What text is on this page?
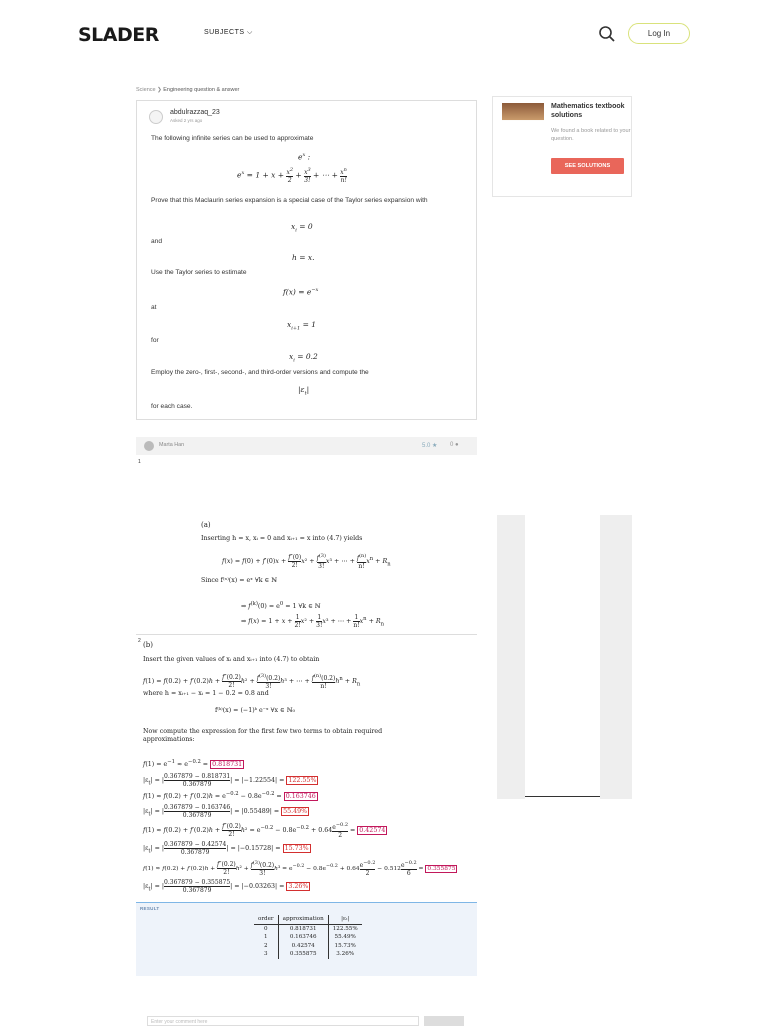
SLADER	SUBJECTS ⌵	Log In
Science ❯ Engineering question & answer
abdulrazzaq_23
Asked 2 yrs ago
The following infinite series can be used to approximate
$e^x$ :
$e^x = 1 + x + \frac{x^2}{2} + \frac{x^3}{3!}$ + ⋯ + $\frac{x^n}{n!}$
Prove that this Maclaurin series expansion is a special case of the Taylor series expansion with
$x_i = 0$
and
h = x.
Use the Taylor series to estimate
$f(x) = e^{-x}$
at
$x_{i+1} = 1$
for
$x_i = 0.2$
Employ the zero-, first-, second-, and third-order versions and compute the
$|\varepsilon_t|$
for each case.
Mathematics textbook solutions
We found a book related to your question.
SEE SOLUTIONS
Marta Han	5.0 ★ 0 ●
1
(a)
Inserting h = x, xᵢ = 0 and xᵢ₊₁ = x into (4.7) yields
$f(x) = f(0) + f'(0)x + \frac{f''(0)}{2!} x^2 + \frac{f^{(3)}}{3!} x^3$ + ⋯ + $\frac{f^{(n)}}{n!} x^n + R_n$
Since f⁽ⁿ⁾(x) = eˣ ∀k ∈ ℕ
⇒ $f^{(k)}(0) = e^0 = 1$ ∀k ∈ ℕ
⇒ $f(x) = 1 + x + \frac{1}{2!} x^2 + \frac{1}{3!} x^3$ + ⋯ + $\frac{1}{n!} x^n + R_n$
2 (b)
Insert the given values of xᵢ and xᵢ₊₁ into (4.7) to obtain
$f(1) = f(0.2) + f'(0.2)h + \frac{f''(0.2)}{2!} h^2 + \frac{f^{(3)}(0.2)}{3!} h^3$ + ⋯ + $\frac{f^{(n)}(0.2)}{n!} h^n + R_n$
where h = xᵢ₊₁ − xᵢ = 1 − 0.2 = 0.8 and
f⁽ᵏ⁾(x) = (−1)ᵏ e⁻ˣ ∀x ∈ ℕ₀
Now compute the expression for the first few two terms to obtain required approximations:
$f(1) = e^{-1} \approx e^{-0.2} = 0.818731$
$|\varepsilon_t|$ = | $\frac{0.367879 - 0.818731}{0.367879}$ | = |−1.22554| = 122.55%
$f(1) \approx f(0.2) + f'(0.2)h = e^{-0.2} - 0.8e^{-0.2} = 0.163746$
$|\varepsilon_t|$ = | $\frac{0.367879 - 0.163746}{0.367879}$ | = |0.55489| = 55.49%
$f(1) \approx f(0.2) + f'(0.2)h + \frac{f''(0.2)}{2!} h^2 = e^{-0.2} - 0.8e^{-0.2} + 0.64 \frac{e^{-0.2}}{2} = 0.42574$
$|\varepsilon_t|$ = | $\frac{0.367879 - 0.42574}{0.367879}$ | = |−0.15728| = 15.73%
$f(1) \approx f(0.2) + f'(0.2)h + \frac{f''(0.2)}{2!} h^2 + \frac{f^{(3)}(0.2)}{3!} h^3 = e^{-0.2} - 0.8e^{-0.2} + 0.64 \frac{e^{-0.2}}{2} - 0.512 \frac{e^{-0.2}}{6} = 0.355875$
$|\varepsilon_t|$ = | $\frac{0.367879 - 0.355875}{0.367879}$ | = |−0.03263| = 3.26%
RESULT
order	approximation	|εₜ|
0	0.818731	122.55%
1	0.163746	55.49%
2	0.42574	15.73%
3	0.355875	3.26%
Enter your comment here
